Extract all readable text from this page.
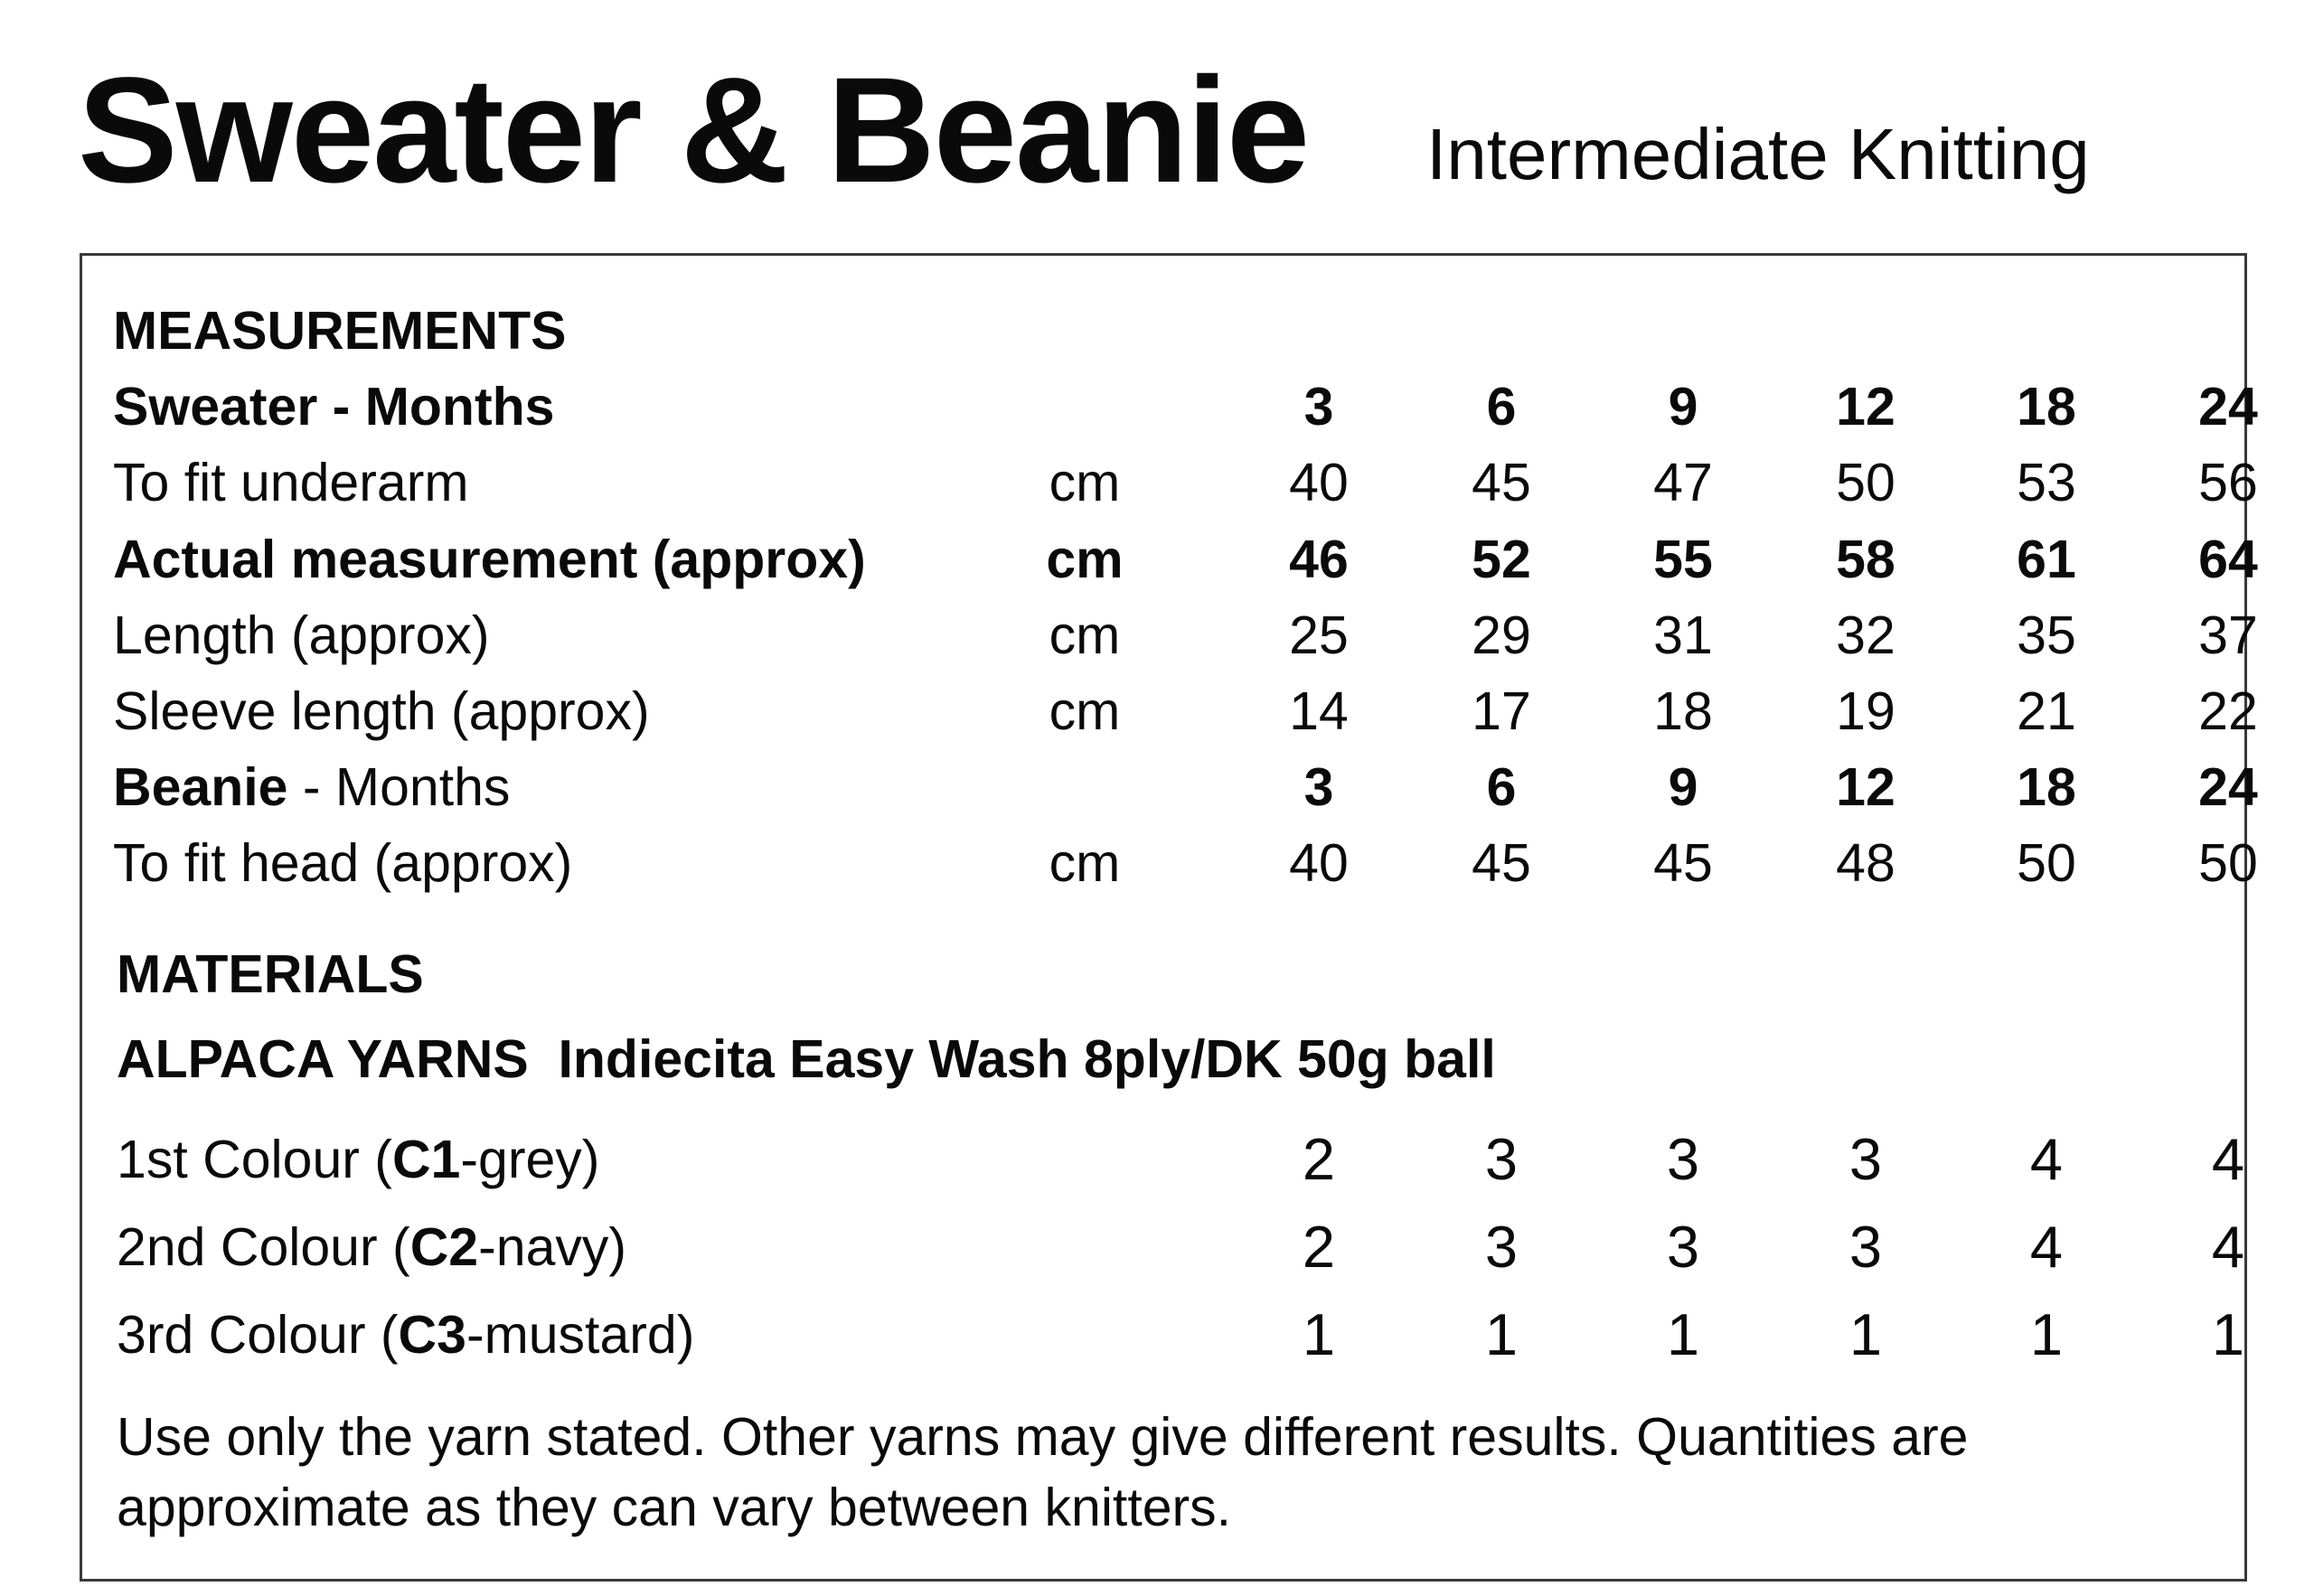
Sweater & Beanie Intermediate Knitting
MEASUREMENTS
Sweater - Months	3	6	9	12	18	24
To fit underarm	cm	40	45	47	50	53	56
Actual measurement (approx)	cm	46	52	55	58	61	64
Length (approx)	cm	25	29	31	32	35	37
Sleeve length (approx)	cm	14	17	18	19	21	22
Beanie - Months	3	6	9	12	18	24
To fit head (approx)	cm	40	45	45	48	50	50
MATERIALS
ALPACA YARNS Indiecita Easy Wash 8ply/DK 50g ball
1st Colour (C1-grey)	2	3	3	3	4	4
2nd Colour (C2-navy)	2	3	3	3	4	4
3rd Colour (C3-mustard)	1	1	1	1	1	1
Use only the yarn stated. Other yarns may give different results. Quantities are
approximate as they can vary between knitters.
